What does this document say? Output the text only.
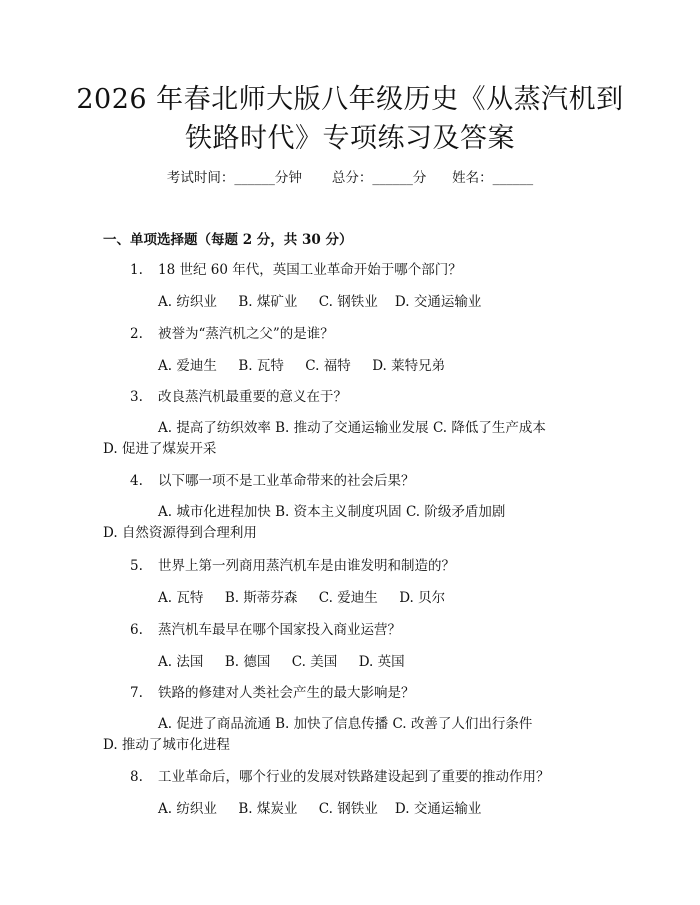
2026 年春北师大版八年级历史《从蒸汽机到
铁路时代》专项练习及答案
考试时间：______分钟 总分：______分 姓名：______
一、单项选择题（每题 2 分，共 30 分）
1. 18 世纪 60 年代，英国工业革命开始于哪个部门？
A. 纺织业 B. 煤矿业 C. 钢铁业 D. 交通运输业
2. 被誉为“蒸汽机之父”的是谁？
A. 爱迪生 B. 瓦特 C. 福特 D. 莱特兄弟
3. 改良蒸汽机最重要的意义在于？
A. 提高了纺织效率 B. 推动了交通运输业发展 C. 降低了生产成本 D. 促进了煤炭开采
4. 以下哪一项不是工业革命带来的社会后果？
A. 城市化进程加快 B. 资本主义制度巩固 C. 阶级矛盾加剧 D. 自然资源得到合理利用
5. 世界上第一列商用蒸汽机车是由谁发明和制造的？
A. 瓦特 B. 斯蒂芬森 C. 爱迪生 D. 贝尔
6. 蒸汽机车最早在哪个国家投入商业运营？
A. 法国 B. 德国 C. 美国 D. 英国
7. 铁路的修建对人类社会产生的最大影响是？
A. 促进了商品流通 B. 加快了信息传播 C. 改善了人们出行条件 D. 推动了城市化进程
8. 工业革命后，哪个行业的发展对铁路建设起到了重要的推动作用？
A. 纺织业 B. 煤炭业 C. 钢铁业 D. 交通运输业
